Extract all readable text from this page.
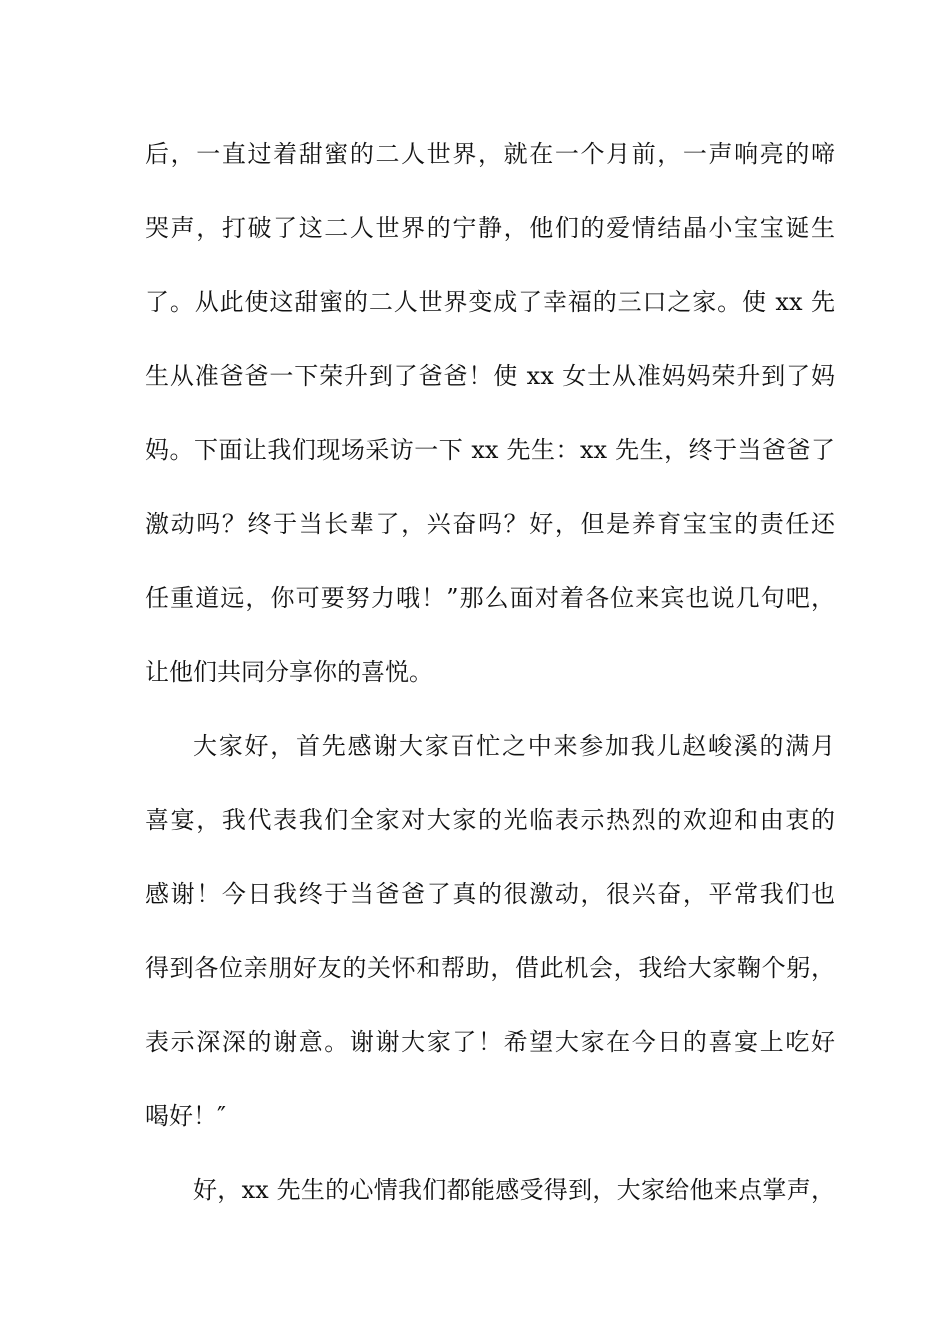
后，一直过着甜蜜的二人世界，就在一个月前，一声响亮的啼
哭声，打破了这二人世界的宁静，他们的爱情结晶小宝宝诞生
了。从此使这甜蜜的二人世界变成了幸福的三口之家。使 xx 先
生从准爸爸一下荣升到了爸爸！使 xx 女士从准妈妈荣升到了妈
妈。下面让我们现场采访一下 xx 先生：xx 先生，终于当爸爸了
激动吗？终于当长辈了，兴奋吗？好，但是养育宝宝的责任还
任重道远，你可要努力哦！”那么面对着各位来宾也说几句吧，
让他们共同分享你的喜悦。
大家好，首先感谢大家百忙之中来参加我儿赵峻溪的满月
喜宴，我代表我们全家对大家的光临表示热烈的欢迎和由衷的
感谢！今日我终于当爸爸了真的很激动，很兴奋，平常我们也
得到各位亲朋好友的关怀和帮助，借此机会，我给大家鞠个躬，
表示深深的谢意。谢谢大家了！希望大家在今日的喜宴上吃好
喝好！″
好，xx 先生的心情我们都能感受得到，大家给他来点掌声，
